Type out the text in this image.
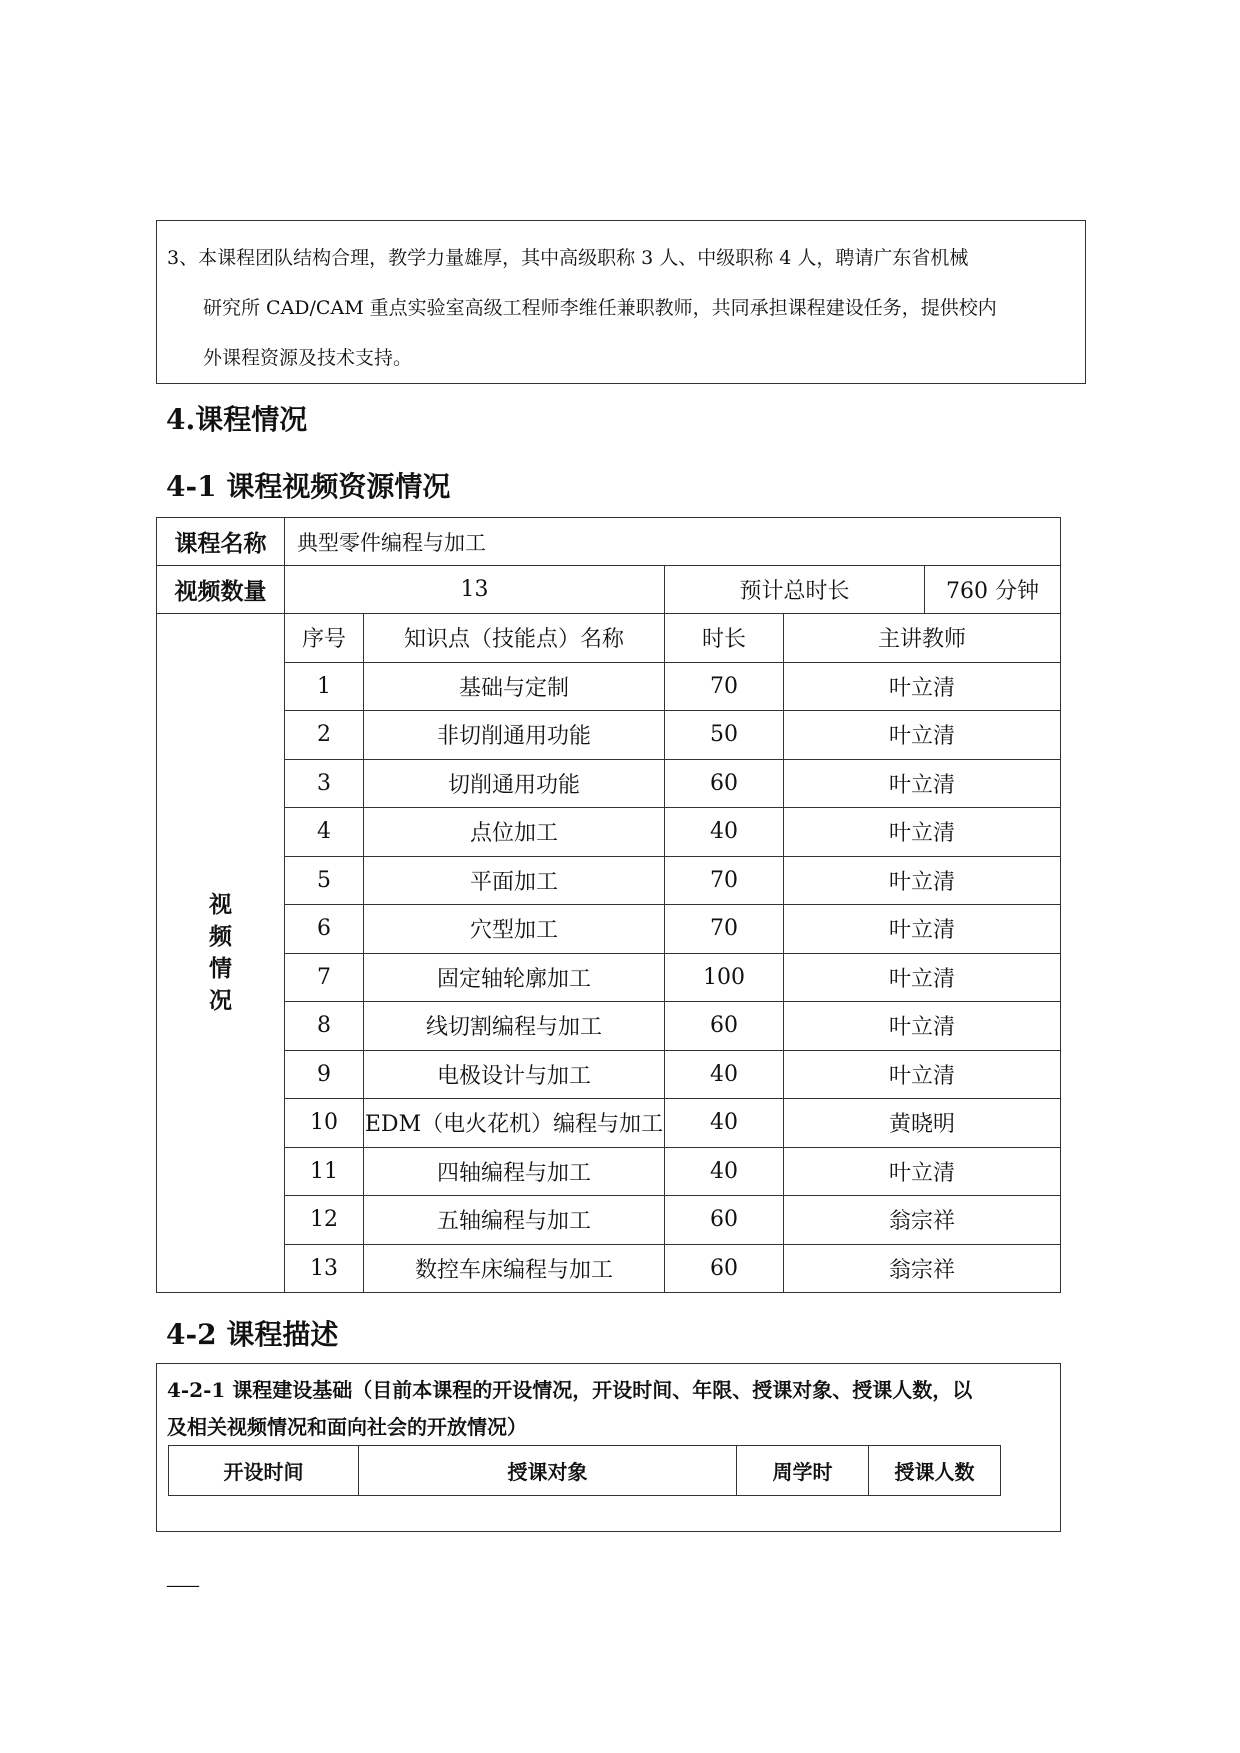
3、本课程团队结构合理，教学力量雄厚，其中高级职称 3 人、中级职称 4 人，聘请广东省机械
研究所 CAD/CAM 重点实验室高级工程师李维任兼职教师，共同承担课程建设任务，提供校内
外课程资源及技术支持。
4.课程情况
4-1 课程视频资源情况
课程名称	典型零件编程与加工			
视频数量	13		预计总时长 760 分钟	

视
频
情
况	序号	知识点（技能点）名称	时长	主讲教师
	1	基础与定制	70	叶立清
	2	非切削通用功能	50	叶立清
	3	切削通用功能	60	叶立清
	4	点位加工	40	叶立清
	5	平面加工	70	叶立清
	6	穴型加工	70	叶立清
	7	固定轴轮廓加工	100	叶立清
	8	线切割编程与加工	60	叶立清
	9	电极设计与加工	40	叶立清
	10	EDM（电火花机）编程与加工	40	黄晓明
	11	四轴编程与加工	40	叶立清
	12	五轴编程与加工	60	翁宗祥
	13	数控车床编程与加工	60	翁宗祥
4-2 课程描述
4-2-1 课程建设基础（目前本课程的开设情况，开设时间、年限、授课对象、授课人数，以
及相关视频情况和面向社会的开放情况）
开设时间	授课对象	周学时	授课人数
——
